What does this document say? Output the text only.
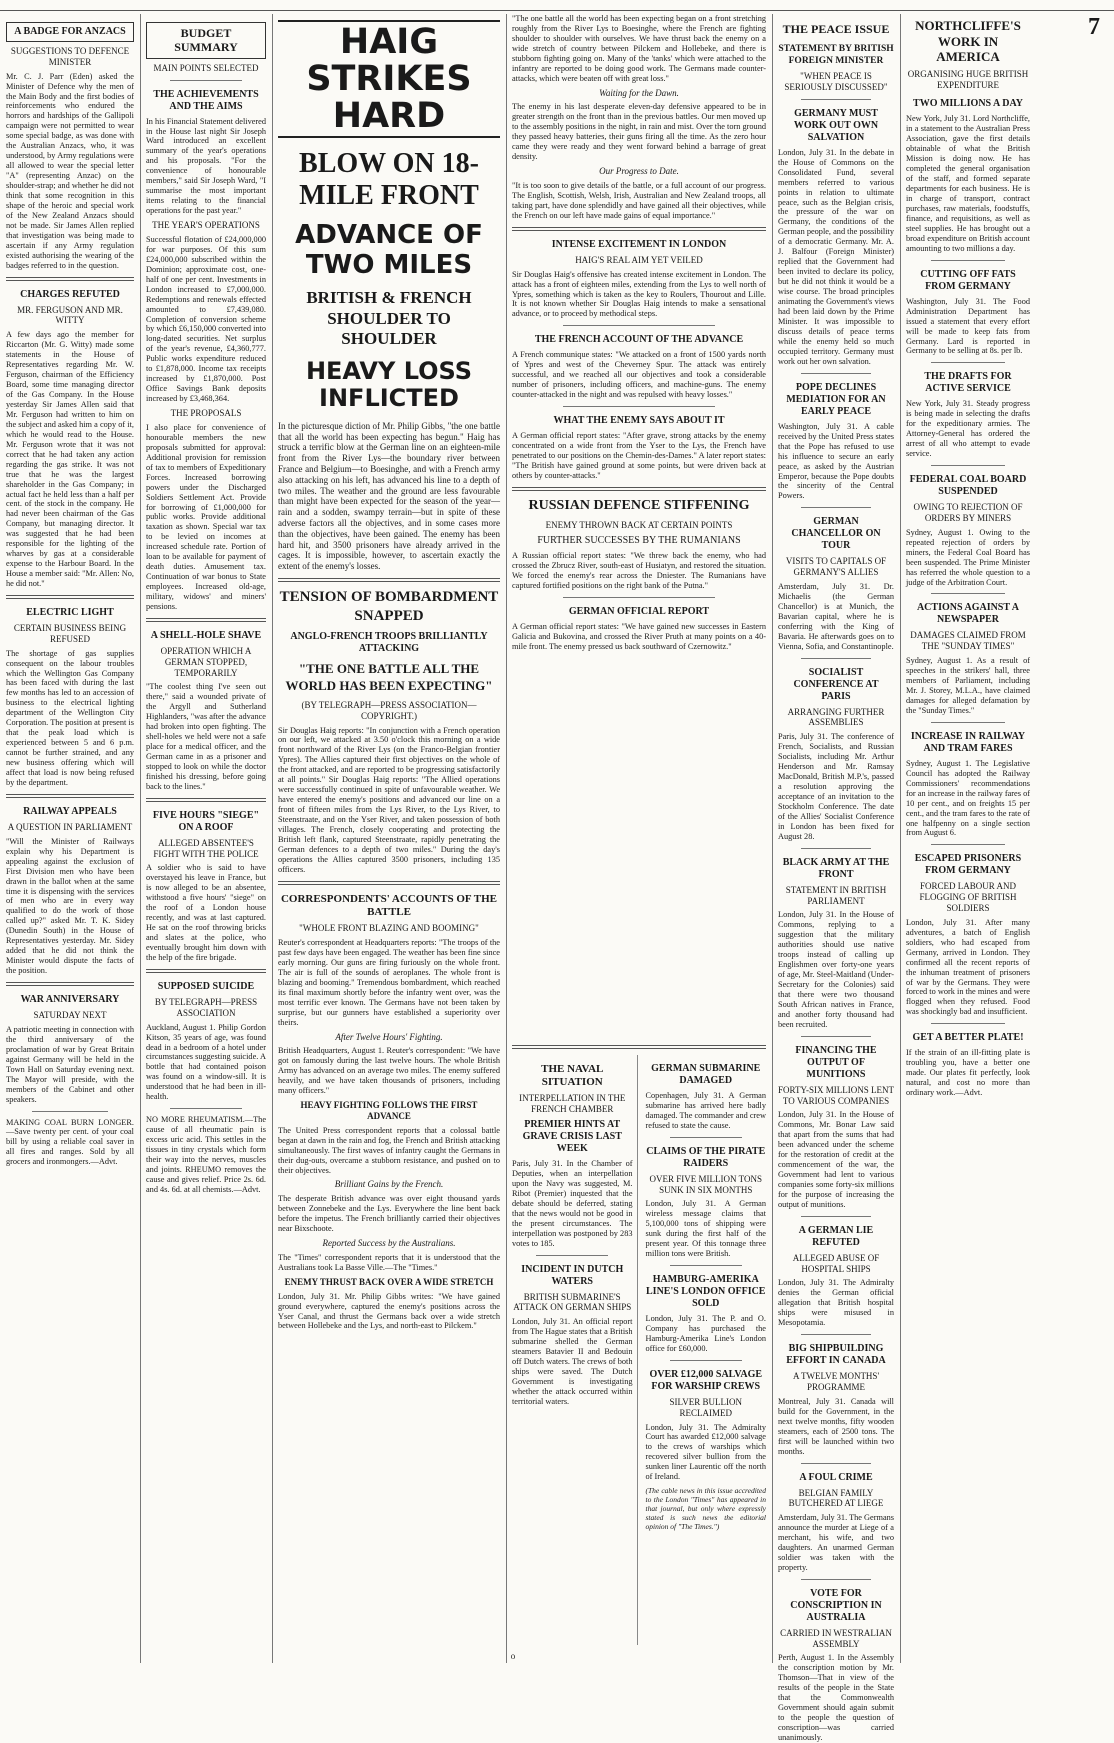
7
A BADGE FOR ANZACS
SUGGESTIONS TO DEFENCE MINISTER

Mr. C. J. Parr (Eden) asked the Minister of Defence why the men of the Main Body and the first bodies of reinforcements who endured the horrors and hardships of the Gallipoli campaign were not permitted to wear some special badge, as was done with the Australian Anzacs, who, it was understood, by Army regulations were all allowed to wear the special letter "A" (representing Anzac) on the shoulder-strap; and whether he did not think that some recognition in this shape of the heroic and special work of the New Zealand Anzacs should not be made. Sir James Allen replied that investigation was being made to ascertain if any Army regulation existed authorising the wearing of the badges referred to in the question.

CHARGES REFUTED
MR. FERGUSON AND MR. WITTY

A few days ago the member for Riccarton (Mr. G. Witty) made some statements in the House of Representatives regarding Mr. W. Ferguson, chairman of the Efficiency Board, some time managing director of the Gas Company. In the House yesterday Sir James Allen said that Mr. Ferguson had written to him on the subject and asked him a copy of it, which he would read to the House. Mr. Ferguson wrote that it was not correct that he had taken any action regarding the gas strike. It was not true that he was the largest shareholder in the Gas Company; in actual fact he held less than a half per cent. of the stock in the company. He had never been chairman of the Gas Company, but managing director. It was suggested that he had been responsible for the lighting of the wharves by gas at a considerable expense to the Harbour Board. In the House a member said: "Mr. Allen: No, he did not."

ELECTRIC LIGHT
CERTAIN BUSINESS BEING REFUSED

The shortage of gas supplies consequent on the labour troubles which the Wellington Gas Company has been faced with during the last few months has led to an accession of business to the electrical lighting department of the Wellington City Corporation. The position at present is that the peak load which is experienced between 5 and 6 p.m. cannot be further strained, and any new business offering which will affect that load is now being refused by the department.

RAILWAY APPEALS
A QUESTION IN PARLIAMENT

"Will the Minister of Railways explain why his Department is appealing against the exclusion of First Division men who have been drawn in the ballot when at the same time it is dispensing with the services of men who are in every way qualified to do the work of those called up?" asked Mr. T. K. Sidey (Dunedin South) in the House of Representatives yesterday. Mr. Sidey added that he did not think the Minister would dispute the facts of the position.

WAR ANNIVERSARY
SATURDAY NEXT

A patriotic meeting in connection with the third anniversary of the proclamation of war by Great Britain against Germany will be held in the Town Hall on Saturday evening next. The Mayor will preside, with the members of the Cabinet and other speakers.

MAKING COAL BURN LONGER.—Save twenty per cent. of your coal bill by using a reliable coal saver in all fires and ranges. Sold by all grocers and ironmongers.—Advt.

BUDGET SUMMARY
MAIN POINTS SELECTED
THE ACHIEVEMENTS AND THE AIMS

In his Financial Statement delivered in the House last night Sir Joseph Ward introduced an excellent summary of the year's operations and his proposals. "For the convenience of honourable members," said Sir Joseph Ward, "I summarise the most important items relating to the financial operations for the past year."

THE YEAR'S OPERATIONS

Successful flotation of £24,000,000 for war purposes. Of this sum £24,000,000 subscribed within the Dominion; approximate cost, one-half of one per cent. Investments in London increased to £7,000,000. Redemptions and renewals effected amounted to £7,439,080. Completion of conversion scheme by which £6,150,000 converted into long-dated securities. Net surplus of the year's revenue, £4,360,777. Public works expenditure reduced to £1,878,000. Income tax receipts increased by £1,870,000. Post Office Savings Bank deposits increased by £3,468,364.

THE PROPOSALS

I also place for convenience of honourable members the new proposals submitted for approval: Additional provision for remission of tax to members of Expeditionary Forces. Increased borrowing powers under the Discharged Soldiers Settlement Act. Provide for borrowing of £1,000,000 for public works. Provide additional taxation as shown. Special war tax to be levied on incomes at increased schedule rate. Portion of loan to be available for payment of death duties. Amusement tax. Continuation of war bonus to State employees. Increased old-age, military, widows' and miners' pensions.

A SHELL-HOLE SHAVE
OPERATION WHICH A GERMAN STOPPED, TEMPORARILY

"The coolest thing I've seen out there," said a wounded private of the Argyll and Sutherland Highlanders, "was after the advance had broken into open fighting. The shell-holes we held were not a safe place for a medical officer, and the German came in as a prisoner and stopped to look on while the doctor finished his dressing, before going back to the lines."

FIVE HOURS "SIEGE" ON A ROOF
ALLEGED ABSENTEE'S FIGHT WITH THE POLICE

A soldier who is said to have overstayed his leave in France, but is now alleged to be an absentee, withstood a five hours' "siege" on the roof of a London house recently, and was at last captured. He sat on the roof throwing bricks and slates at the police, who eventually brought him down with the help of the fire brigade.

SUPPOSED SUICIDE
BY TELEGRAPH—PRESS ASSOCIATION

Auckland, August 1. Philip Gordon Kitson, 35 years of age, was found dead in a bedroom of a hotel under circumstances suggesting suicide. A bottle that had contained poison was found on a window-sill. It is understood that he had been in ill-health.

NO MORE RHEUMATISM.—The cause of all rheumatic pain is excess uric acid. This settles in the tissues in tiny crystals which form their way into the nerves, muscles and joints. RHEUMO removes the cause and gives relief. Price 2s. 6d. and 4s. 6d. at all chemists.—Advt.

HAIG STRIKES HARD
BLOW ON 18-MILE FRONT
ADVANCE OF TWO MILES
BRITISH & FRENCH SHOULDER TO SHOULDER
HEAVY LOSS INFLICTED

In the picturesque diction of Mr. Philip Gibbs, "the one battle that all the world has been expecting has begun." Haig has struck a terrific blow at the German line on an eighteen-mile front from the River Lys—the boundary river between France and Belgium—to Boesinghe, and with a French army also attacking on his left, has advanced his line to a depth of two miles. The weather and the ground are less favourable than might have been expected for the season of the year—rain and a sodden, swampy terrain—but in spite of these adverse factors all the objectives, and in some cases more than the objectives, have been gained. The enemy has been hard hit, and 3500 prisoners have already arrived in the cages. It is impossible, however, to ascertain exactly the extent of the enemy's losses.

TENSION OF BOMBARDMENT SNAPPED
ANGLO-FRENCH TROOPS BRILLIANTLY ATTACKING
"THE ONE BATTLE ALL THE WORLD HAS BEEN EXPECTING"
(BY TELEGRAPH—PRESS ASSOCIATION—COPYRIGHT.)

Sir Douglas Haig reports: "In conjunction with a French operation on our left, we attacked at 3.50 o'clock this morning on a wide front northward of the River Lys (on the Franco-Belgian frontier Ypres). The Allies captured their first objectives on the whole of the front attacked, and are reported to be progressing satisfactorily at all points." Sir Douglas Haig reports: "The Allied operations were successfully continued in spite of unfavourable weather. We have entered the enemy's positions and advanced our line on a front of fifteen miles from the Lys River, to the Lys River, to Steenstraate, and on the Yser River, and taken possession of both villages. The French, closely cooperating and protecting the British left flank, captured Steenstraate, rapidly penetrating the German defences to a depth of two miles." During the day's operations the Allies captured 3500 prisoners, including 135 officers.

CORRESPONDENTS' ACCOUNTS OF THE BATTLE
"WHOLE FRONT BLAZING AND BOOMING"

Reuter's correspondent at Headquarters reports: "The troops of the past few days have been engaged. The weather has been fine since early morning. Our guns are firing furiously on the whole front. The air is full of the sounds of aeroplanes. The whole front is blazing and booming." Tremendous bombardment, which reached its final maximum shortly before the infantry went over, was the most terrific ever known. The Germans have not been taken by surprise, but our gunners have established a superiority over theirs.

After Twelve Hours' Fighting.

British Headquarters, August 1. Reuter's correspondent: "We have got on famously during the last twelve hours. The whole British Army has advanced on an average two miles. The enemy suffered heavily, and we have taken thousands of prisoners, including many officers."

HEAVY FIGHTING FOLLOWS THE FIRST ADVANCE

The United Press correspondent reports that a colossal battle began at dawn in the rain and fog, the French and British attacking simultaneously. The first waves of infantry caught the Germans in their dug-outs, overcame a stubborn resistance, and pushed on to their objectives.

Brilliant Gains by the French.

The desperate British advance was over eight thousand yards between Zonnebeke and the Lys. Everywhere the line bent back before the impetus. The French brilliantly carried their objectives near Bixschoote.

Reported Success by the Australians.

The "Times" correspondent reports that it is understood that the Australians took La Basse Ville.—The "Times."

ENEMY THRUST BACK OVER A WIDE STRETCH

London, July 31. Mr. Philip Gibbs writes: "We have gained ground everywhere, captured the enemy's positions across the Yser Canal, and thrust the Germans back over a wide stretch between Hollebeke and the Lys, and north-east to Pilckem."

"The one battle all the world has been expecting began on a front stretching roughly from the River Lys to Boesinghe, where the French are fighting shoulder to shoulder with ourselves. We have thrust back the enemy on a wide stretch of country between Pilckem and Hollebeke, and there is stubborn fighting going on. Many of the 'tanks' which were attached to the infantry are reported to be doing good work. The Germans made counter-attacks, which were beaten off with great loss."

Waiting for the Dawn.

The enemy in his last desperate eleven-day defensive appeared to be in greater strength on the front than in the previous battles. Our men moved up to the assembly positions in the night, in rain and mist. Over the torn ground they passed heavy batteries, their guns firing all the time. As the zero hour came they were ready and they went forward behind a barrage of great density.

Our Progress to Date.

"It is too soon to give details of the battle, or a full account of our progress. The English, Scottish, Welsh, Irish, Australian and New Zealand troops, all taking part, have done splendidly and have gained all their objectives, while the French on our left have made gains of equal importance."

INTENSE EXCITEMENT IN LONDON
HAIG'S REAL AIM YET VEILED

Sir Douglas Haig's offensive has created intense excitement in London. The attack has a front of eighteen miles, extending from the Lys to well north of Ypres, something which is taken as the key to Roulers, Thourout and Lille. It is not known whether Sir Douglas Haig intends to make a sensational advance, or to proceed by methodical steps.

THE FRENCH ACCOUNT OF THE ADVANCE

A French communique states: "We attacked on a front of 1500 yards north of Ypres and west of the Cheverney Spur. The attack was entirely successful, and we reached all our objectives and took a considerable number of prisoners, including officers, and machine-guns. The enemy counter-attacked in the night and was repulsed with heavy losses."

WHAT THE ENEMY SAYS ABOUT IT

A German official report states: "After grave, strong attacks by the enemy concentrated on a wide front from the Yser to the Lys, the French have penetrated to our positions on the Chemin-des-Dames." A later report states: "The British have gained ground at some points, but were driven back at others by counter-attacks."

RUSSIAN DEFENCE STIFFENING
ENEMY THROWN BACK AT CERTAIN POINTS
FURTHER SUCCESSES BY THE RUMANIANS

A Russian official report states: "We threw back the enemy, who had crossed the Zbrucz River, south-east of Husiatyn, and restored the situation. We forced the enemy's rear across the Dniester. The Rumanians have captured fortified positions on the right bank of the Putna."

GERMAN OFFICIAL REPORT

A German official report states: "We have gained new successes in Eastern Galicia and Bukovina, and crossed the River Pruth at many points on a 40-mile front. The enemy pressed us back southward of Czernowitz."

THE NAVAL SITUATION
INTERPELLATION IN THE FRENCH CHAMBER
PREMIER HINTS AT GRAVE CRISIS LAST WEEK

Paris, July 31. In the Chamber of Deputies, when an interpellation upon the Navy was suggested, M. Ribot (Premier) inquested that the debate should be deferred, stating that the news would not be good in the present circumstances. The interpellation was postponed by 283 votes to 185.

INCIDENT IN DUTCH WATERS
BRITISH SUBMARINE'S ATTACK ON GERMAN SHIPS

London, July 31. An official report from The Hague states that a British submarine shelled the German steamers Batavier II and Bedouin off Dutch waters. The crews of both ships were saved. The Dutch Government is investigating whether the attack occurred within territorial waters.

GERMAN SUBMARINE DAMAGED

Copenhagen, July 31. A German submarine has arrived here badly damaged. The commander and crew refused to state the cause.

CLAIMS OF THE PIRATE RAIDERS
OVER FIVE MILLION TONS SUNK IN SIX MONTHS

London, July 31. A German wireless message claims that 5,100,000 tons of shipping were sunk during the first half of the present year. Of this tonnage three million tons were British.

HAMBURG-AMERIKA LINE'S LONDON OFFICE SOLD

London, July 31. The P. and O. Company has purchased the Hamburg-Amerika Line's London office for £60,000.

OVER £12,000 SALVAGE FOR WARSHIP CREWS
SILVER BULLION RECLAIMED

London, July 31. The Admiralty Court has awarded £12,000 salvage to the crews of warships which recovered silver bullion from the sunken liner Laurentic off the north of Ireland.

(The cable news in this issue accredited to the London "Times" has appeared in that journal, but only where expressly stated is such news the editorial opinion of "The Times.")

THE PEACE ISSUE
STATEMENT BY BRITISH FOREIGN MINISTER
"WHEN PEACE IS SERIOUSLY DISCUSSED"
GERMANY MUST WORK OUT OWN SALVATION

London, July 31. In the debate in the House of Commons on the Consolidated Fund, several members referred to various points in relation to ultimate peace, such as the Belgian crisis, the pressure of the war on Germany, the conditions of the German people, and the possibility of a democratic Germany. Mr. A. J. Balfour (Foreign Minister) replied that the Government had been invited to declare its policy, but he did not think it would be a wise course. The broad principles animating the Government's views had been laid down by the Prime Minister. It was impossible to discuss details of peace terms while the enemy held so much occupied territory. Germany must work out her own salvation.

POPE DECLINES MEDIATION FOR AN EARLY PEACE

Washington, July 31. A cable received by the United Press states that the Pope has refused to use his influence to secure an early peace, as asked by the Austrian Emperor, because the Pope doubts the sincerity of the Central Powers.

GERMAN CHANCELLOR ON TOUR
VISITS TO CAPITALS OF GERMANY'S ALLIES

Amsterdam, July 31. Dr. Michaelis (the German Chancellor) is at Munich, the Bavarian capital, where he is conferring with the King of Bavaria. He afterwards goes on to Vienna, Sofia, and Constantinople.

SOCIALIST CONFERENCE AT PARIS
ARRANGING FURTHER ASSEMBLIES

Paris, July 31. The conference of French, Socialists, and Russian Socialists, including Mr. Arthur Henderson and Mr. Ramsay MacDonald, British M.P.'s, passed a resolution approving the acceptance of an invitation to the Stockholm Conference. The date of the Allies' Socialist Conference in London has been fixed for August 28.

BLACK ARMY AT THE FRONT
STATEMENT IN BRITISH PARLIAMENT

London, July 31. In the House of Commons, replying to a suggestion that the military authorities should use native troops instead of calling up Englishmen over forty-one years of age, Mr. Steel-Maitland (Under-Secretary for the Colonies) said that there were two thousand South African natives in France, and another forty thousand had been recruited.

FINANCING THE OUTPUT OF MUNITIONS
FORTY-SIX MILLIONS LENT TO VARIOUS COMPANIES

London, July 31. In the House of Commons, Mr. Bonar Law said that apart from the sums that had been advanced under the scheme for the restoration of credit at the commencement of the war, the Government had lent to various companies some forty-six millions for the purpose of increasing the output of munitions.

A GERMAN LIE REFUTED
ALLEGED ABUSE OF HOSPITAL SHIPS

London, July 31. The Admiralty denies the German official allegation that British hospital ships were misused in Mesopotamia.

BIG SHIPBUILDING EFFORT IN CANADA
A TWELVE MONTHS' PROGRAMME

Montreal, July 31. Canada will build for the Government, in the next twelve months, fifty wooden steamers, each of 2500 tons. The first will be launched within two months.

A FOUL CRIME
BELGIAN FAMILY BUTCHERED AT LIEGE

Amsterdam, July 31. The Germans announce the murder at Liege of a merchant, his wife, and two daughters. An unarmed German soldier was taken with the property.

VOTE FOR CONSCRIPTION IN AUSTRALIA
CARRIED IN WESTRALIAN ASSEMBLY

Perth, August 1. In the Assembly the conscription motion by Mr. Thomson—That in view of the results of the people in the State that the Commonwealth Government should again submit to the people the question of conscription—was carried unanimously.

NORTHCLIFFE'S WORK IN AMERICA
ORGANISING HUGE BRITISH EXPENDITURE
TWO MILLIONS A DAY

New York, July 31. Lord Northcliffe, in a statement to the Australian Press Association, gave the first details obtainable of what the British Mission is doing now. He has completed the general organisation of the staff, and formed separate departments for each business. He is in charge of transport, contract purchases, raw materials, foodstuffs, finance, and requisitions, as well as steel supplies. He has brought out a broad expenditure on British account amounting to two millions a day.

CUTTING OFF FATS FROM GERMANY

Washington, July 31. The Food Administration Department has issued a statement that every effort will be made to keep fats from Germany. Lard is reported in Germany to be selling at 8s. per lb.

THE DRAFTS FOR ACTIVE SERVICE

New York, July 31. Steady progress is being made in selecting the drafts for the expeditionary armies. The Attorney-General has ordered the arrest of all who attempt to evade service.

FEDERAL COAL BOARD SUSPENDED
OWING TO REJECTION OF ORDERS BY MINERS

Sydney, August 1. Owing to the repeated rejection of orders by miners, the Federal Coal Board has been suspended. The Prime Minister has referred the whole question to a judge of the Arbitration Court.

ACTIONS AGAINST A NEWSPAPER
DAMAGES CLAIMED FROM THE "SUNDAY TIMES"

Sydney, August 1. As a result of speeches in the strikers' hall, three members of Parliament, including Mr. J. Storey, M.L.A., have claimed damages for alleged defamation by the "Sunday Times."

INCREASE IN RAILWAY AND TRAM FARES

Sydney, August 1. The Legislative Council has adopted the Railway Commissioners' recommendations for an increase in the railway fares of 10 per cent., and on freights 15 per cent., and the tram fares to the rate of one halfpenny on a single section from August 6.

ESCAPED PRISONERS FROM GERMANY
FORCED LABOUR AND FLOGGING OF BRITISH SOLDIERS

London, July 31. After many adventures, a batch of English soldiers, who had escaped from Germany, arrived in London. They confirmed all the recent reports of the inhuman treatment of prisoners of war by the Germans. They were forced to work in the mines and were flogged when they refused. Food was shockingly bad and insufficient.

GET A BETTER PLATE!

If the strain of an ill-fitting plate is troubling you, have a better one made. Our plates fit perfectly, look natural, and cost no more than ordinary work.—Advt.

o
